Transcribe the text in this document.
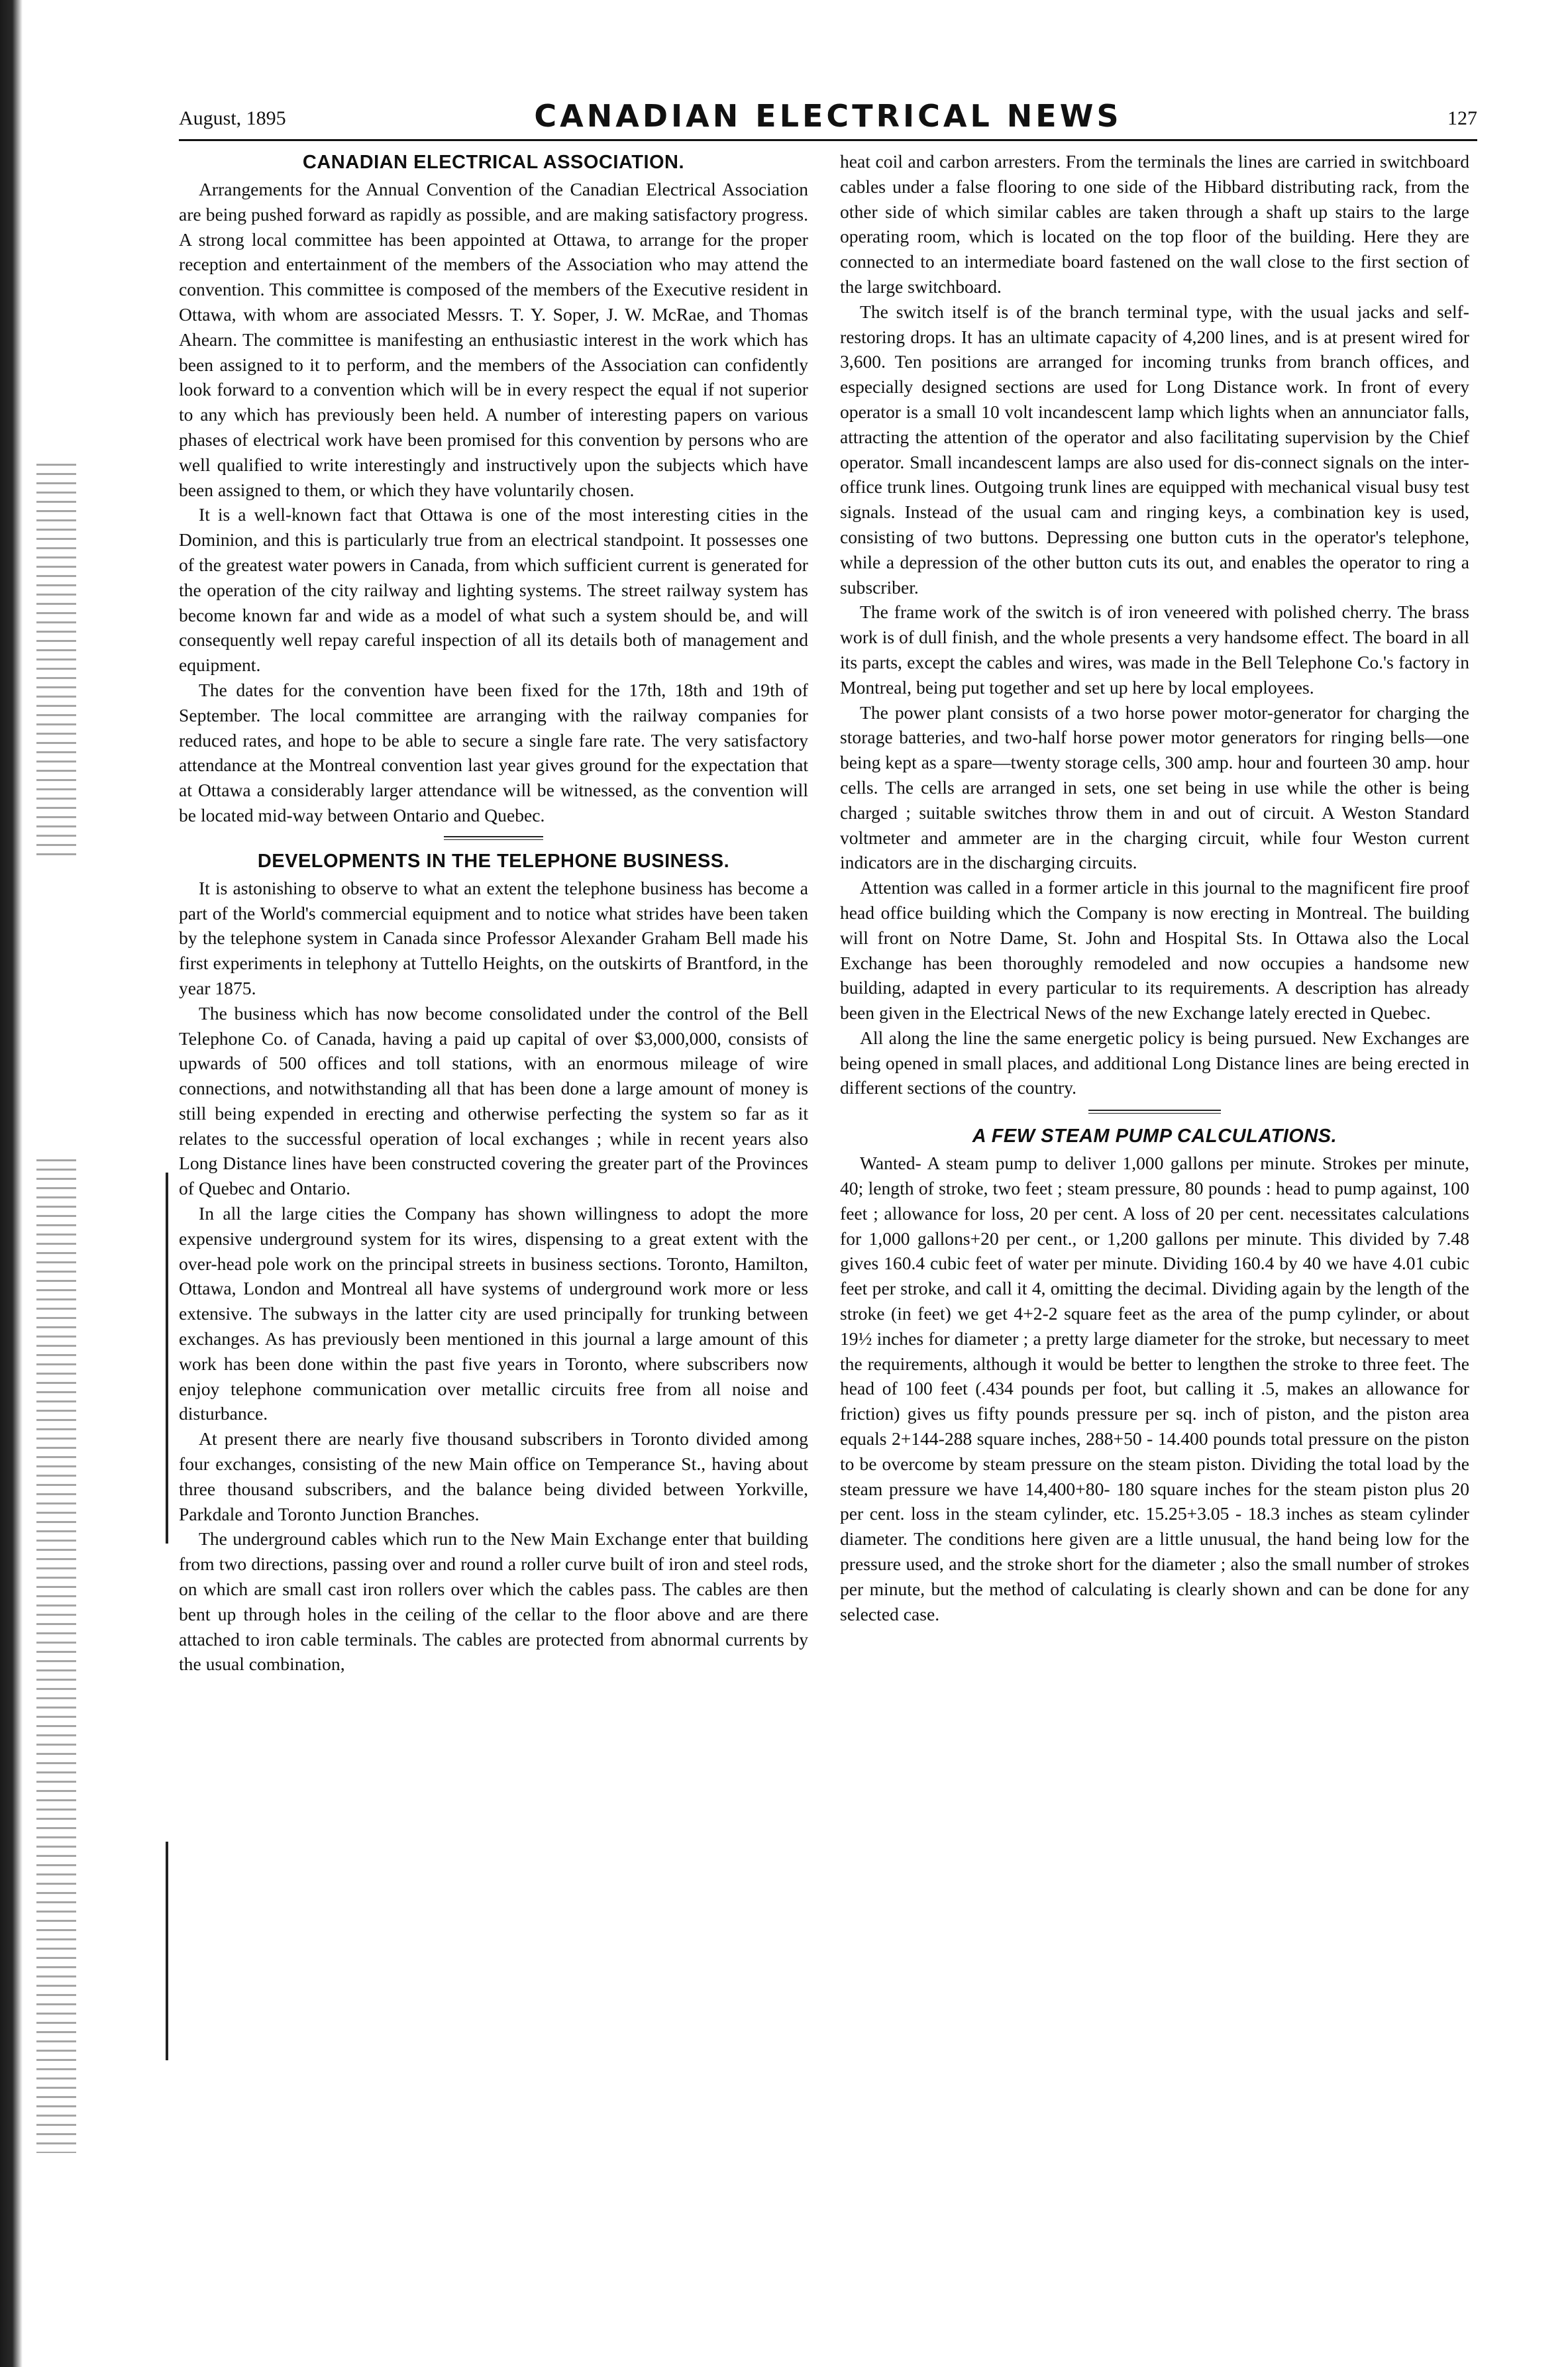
August, 1895	CANADIAN ELECTRICAL NEWS	127
CANADIAN ELECTRICAL ASSOCIATION.

Arrangements for the Annual Convention of the Canadian Electrical Association are being pushed forward as rapidly as possible, and are making satisfactory progress. A strong local committee has been appointed at Ottawa, to arrange for the proper reception and entertainment of the members of the Association who may attend the convention. This committee is composed of the members of the Executive resident in Ottawa, with whom are associated Messrs. T. Y. Soper, J. W. McRae, and Thomas Ahearn. The committee is manifesting an enthusiastic interest in the work which has been assigned to it to perform, and the members of the Association can confidently look forward to a convention which will be in every respect the equal if not superior to any which has previously been held. A number of interesting papers on various phases of electrical work have been promised for this convention by persons who are well qualified to write interestingly and instructively upon the subjects which have been assigned to them, or which they have voluntarily chosen.

It is a well-known fact that Ottawa is one of the most interesting cities in the Dominion, and this is particularly true from an electrical standpoint. It possesses one of the greatest water powers in Canada, from which sufficient current is generated for the operation of the city railway and lighting systems. The street railway system has become known far and wide as a model of what such a system should be, and will consequently well repay careful inspection of all its details both of management and equipment.

The dates for the convention have been fixed for the 17th, 18th and 19th of September. The local committee are arranging with the railway companies for reduced rates, and hope to be able to secure a single fare rate. The very satisfactory attendance at the Montreal convention last year gives ground for the expectation that at Ottawa a considerably larger attendance will be witnessed, as the convention will be located mid-way between Ontario and Quebec.

DEVELOPMENTS IN THE TELEPHONE BUSINESS.

It is astonishing to observe to what an extent the telephone business has become a part of the World's commercial equipment and to notice what strides have been taken by the telephone system in Canada since Professor Alexander Graham Bell made his first experiments in telephony at Tuttello Heights, on the outskirts of Brantford, in the year 1875.

The business which has now become consolidated under the control of the Bell Telephone Co. of Canada, having a paid up capital of over $3,000,000, consists of upwards of 500 offices and toll stations, with an enormous mileage of wire connections, and notwithstanding all that has been done a large amount of money is still being expended in erecting and otherwise perfecting the system so far as it relates to the successful operation of local exchanges ; while in recent years also Long Distance lines have been constructed covering the greater part of the Provinces of Quebec and Ontario.

In all the large cities the Company has shown willingness to adopt the more expensive underground system for its wires, dispensing to a great extent with the over-head pole work on the principal streets in business sections. Toronto, Hamilton, Ottawa, London and Montreal all have systems of underground work more or less extensive. The subways in the latter city are used principally for trunking between exchanges. As has previously been mentioned in this journal a large amount of this work has been done within the past five years in Toronto, where subscribers now enjoy telephone communication over metallic circuits free from all noise and disturbance.

At present there are nearly five thousand subscribers in Toronto divided among four exchanges, consisting of the new Main office on Temperance St., having about three thousand subscribers, and the balance being divided between Yorkville, Parkdale and Toronto Junction Branches.

The underground cables which run to the New Main Exchange enter that building from two directions, passing over and round a roller curve built of iron and steel rods, on which are small cast iron rollers over which the cables pass. The cables are then bent up through holes in the ceiling of the cellar to the floor above and are there attached to iron cable terminals. The cables are protected from abnormal currents by the usual combination,

heat coil and carbon arresters. From the terminals the lines are carried in switchboard cables under a false flooring to one side of the Hibbard distributing rack, from the other side of which similar cables are taken through a shaft up stairs to the large operating room, which is located on the top floor of the building. Here they are connected to an intermediate board fastened on the wall close to the first section of the large switchboard.

The switch itself is of the branch terminal type, with the usual jacks and self-restoring drops. It has an ultimate capacity of 4,200 lines, and is at present wired for 3,600. Ten positions are arranged for incoming trunks from branch offices, and especially designed sections are used for Long Distance work. In front of every operator is a small 10 volt incandescent lamp which lights when an annunciator falls, attracting the attention of the operator and also facilitating supervision by the Chief operator. Small incandescent lamps are also used for dis-connect signals on the inter-office trunk lines. Outgoing trunk lines are equipped with mechanical visual busy test signals. Instead of the usual cam and ringing keys, a combination key is used, consisting of two buttons. Depressing one button cuts in the operator's telephone, while a depression of the other button cuts its out, and enables the operator to ring a subscriber.

The frame work of the switch is of iron veneered with polished cherry. The brass work is of dull finish, and the whole presents a very handsome effect. The board in all its parts, except the cables and wires, was made in the Bell Telephone Co.'s factory in Montreal, being put together and set up here by local employees.

The power plant consists of a two horse power motor-generator for charging the storage batteries, and two-half horse power motor generators for ringing bells—one being kept as a spare—twenty storage cells, 300 amp. hour and fourteen 30 amp. hour cells. The cells are arranged in sets, one set being in use while the other is being charged ; suitable switches throw them in and out of circuit. A Weston Standard voltmeter and ammeter are in the charging circuit, while four Weston current indicators are in the discharging circuits.

Attention was called in a former article in this journal to the magnificent fire proof head office building which the Company is now erecting in Montreal. The building will front on Notre Dame, St. John and Hospital Sts. In Ottawa also the Local Exchange has been thoroughly remodeled and now occupies a handsome new building, adapted in every particular to its requirements. A description has already been given in the Electrical News of the new Exchange lately erected in Quebec.

All along the line the same energetic policy is being pursued. New Exchanges are being opened in small places, and additional Long Distance lines are being erected in different sections of the country.

A FEW STEAM PUMP CALCULATIONS.

Wanted- A steam pump to deliver 1,000 gallons per minute. Strokes per minute, 40; length of stroke, two feet ; steam pressure, 80 pounds : head to pump against, 100 feet ; allowance for loss, 20 per cent. A loss of 20 per cent. necessitates calculations for 1,000 gallons+20 per cent., or 1,200 gallons per minute. This divided by 7.48 gives 160.4 cubic feet of water per minute. Dividing 160.4 by 40 we have 4.01 cubic feet per stroke, and call it 4, omitting the decimal. Dividing again by the length of the stroke (in feet) we get 4+2-2 square feet as the area of the pump cylinder, or about 19½ inches for diameter ; a pretty large diameter for the stroke, but necessary to meet the requirements, although it would be better to lengthen the stroke to three feet. The head of 100 feet (.434 pounds per foot, but calling it .5, makes an allowance for friction) gives us fifty pounds pressure per sq. inch of piston, and the piston area equals 2+144-288 square inches, 288+50 - 14.400 pounds total pressure on the piston to be overcome by steam pressure on the steam piston. Dividing the total load by the steam pressure we have 14,400+80- 180 square inches for the steam piston plus 20 per cent. loss in the steam cylinder, etc. 15.25+3.05 - 18.3 inches as steam cylinder diameter. The conditions here given are a little unusual, the hand being low for the pressure used, and the stroke short for the diameter ; also the small number of strokes per minute, but the method of calculating is clearly shown and can be done for any selected case.
